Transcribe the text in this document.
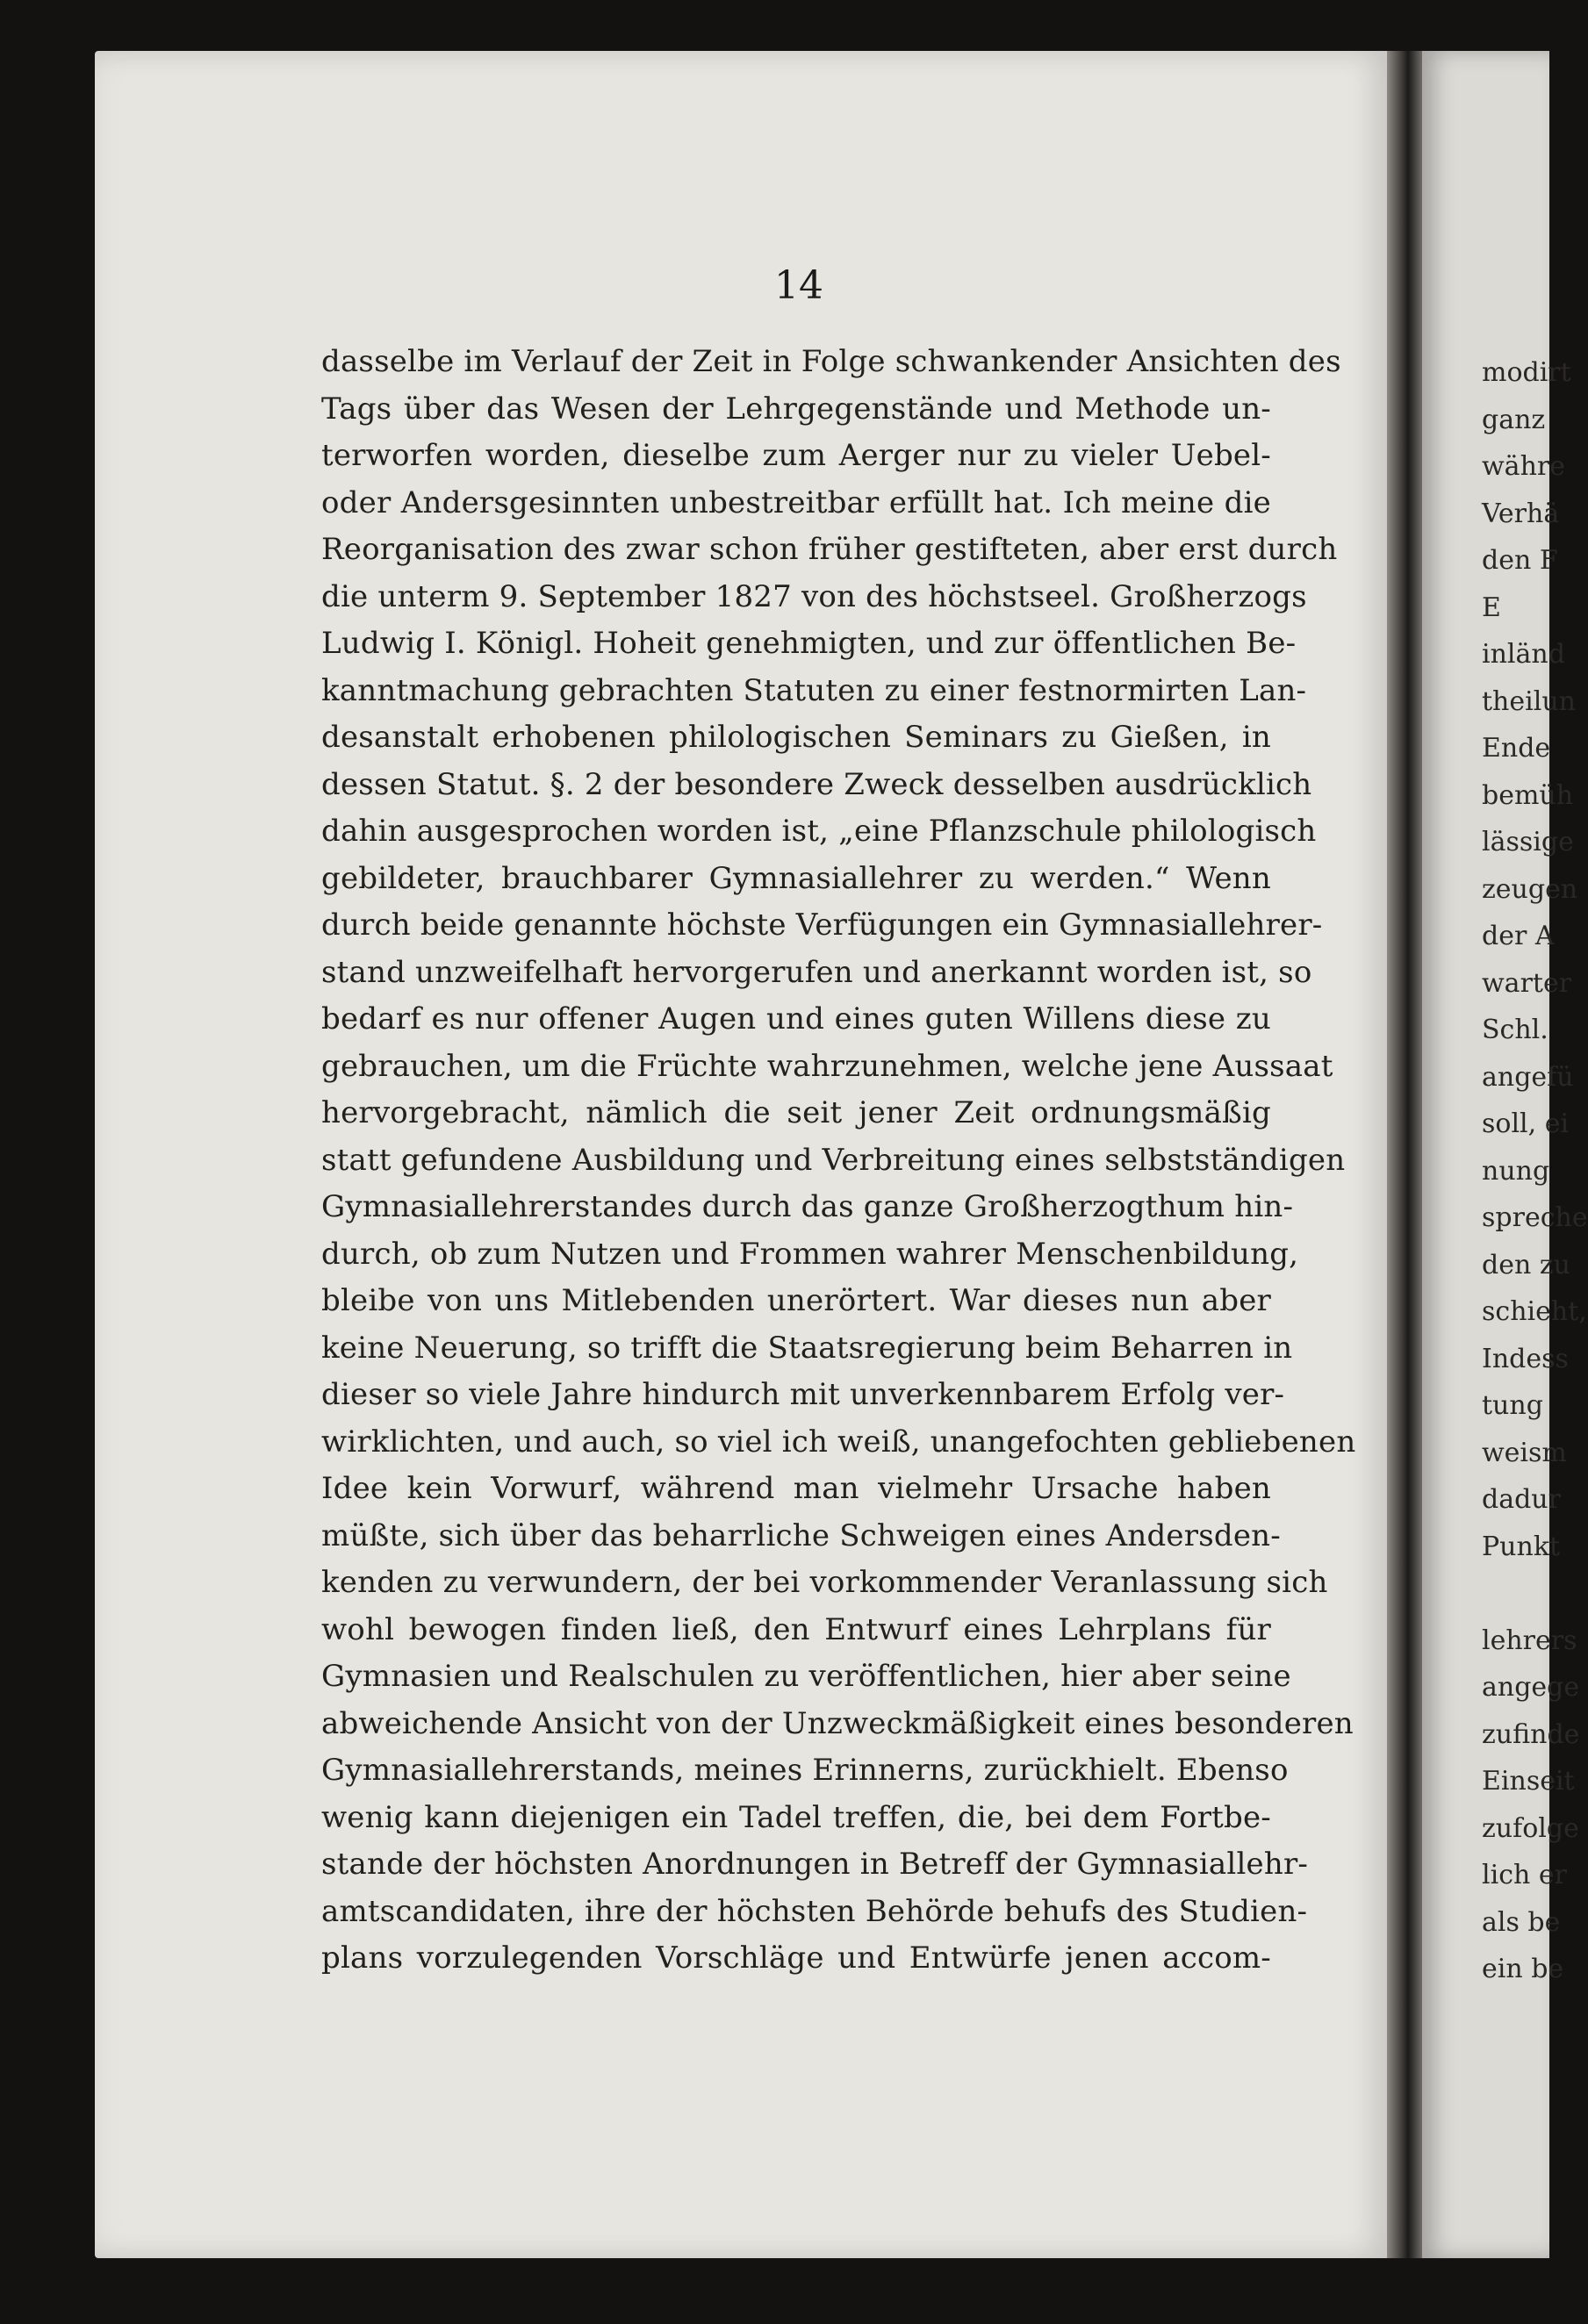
14
dasselbe im Verlauf der Zeit in Folge schwankender Ansichten des
Tags über das Wesen der Lehrgegenstände und Methode un-
terworfen worden, dieselbe zum Aerger nur zu vieler Uebel-
oder Andersgesinnten unbestreitbar erfüllt hat. Ich meine die
Reorganisation des zwar schon früher gestifteten, aber erst durch
die unterm 9. September 1827 von des höchstseel. Großherzogs
Ludwig I. Königl. Hoheit genehmigten, und zur öffentlichen Be-
kanntmachung gebrachten Statuten zu einer festnormirten Lan-
desanstalt erhobenen philologischen Seminars zu Gießen, in
dessen Statut. §. 2 der besondere Zweck desselben ausdrücklich
dahin ausgesprochen worden ist, „eine Pflanzschule philologisch
gebildeter, brauchbarer Gymnasiallehrer zu werden.“ Wenn
durch beide genannte höchste Verfügungen ein Gymnasiallehrer-
stand unzweifelhaft hervorgerufen und anerkannt worden ist, so
bedarf es nur offener Augen und eines guten Willens diese zu
gebrauchen, um die Früchte wahrzunehmen, welche jene Aussaat
hervorgebracht, nämlich die seit jener Zeit ordnungsmäßig
statt gefundene Ausbildung und Verbreitung eines selbstständigen
Gymnasiallehrerstandes durch das ganze Großherzogthum hin-
durch, ob zum Nutzen und Frommen wahrer Menschenbildung,
bleibe von uns Mitlebenden unerörtert. War dieses nun aber
keine Neuerung, so trifft die Staatsregierung beim Beharren in
dieser so viele Jahre hindurch mit unverkennbarem Erfolg ver-
wirklichten, und auch, so viel ich weiß, unangefochten gebliebenen
Idee kein Vorwurf, während man vielmehr Ursache haben
müßte, sich über das beharrliche Schweigen eines Andersden-
kenden zu verwundern, der bei vorkommender Veranlassung sich
wohl bewogen finden ließ, den Entwurf eines Lehrplans für
Gymnasien und Realschulen zu veröffentlichen, hier aber seine
abweichende Ansicht von der Unzweckmäßigkeit eines besonderen
Gymnasiallehrerstands, meines Erinnerns, zurückhielt. Ebenso
wenig kann diejenigen ein Tadel treffen, die, bei dem Fortbe-
stande der höchsten Anordnungen in Betreff der Gymnasiallehr-
amtscandidaten, ihre der höchsten Behörde behufs des Studien-
plans vorzulegenden Vorschläge und Entwürfe jenen accom-
modirt
ganz
währe
Verhä
den F
E
inländ
theilun
Ende
bemüh
lässige
zeugen
der A
warter
Schl.
angefü
soll, ei
nung
spreche
den zu
schieht,
Indess
tung
weism
dadur
Punkt
lehrers
angege
zufinde
Einseit
zufolge
lich er
als be
ein be
